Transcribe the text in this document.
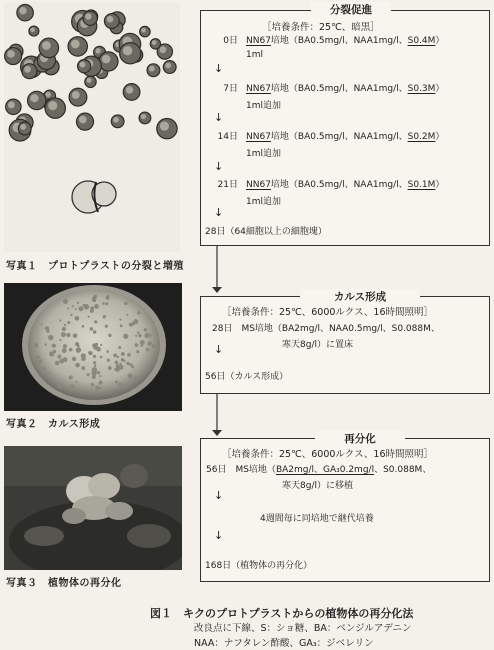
写真１　プロトプラストの分裂と増殖
写真２　カルス形成
写真３　植物体の再分化
分裂促進
［培養条件：25℃、暗黒］
0日 NN67培地（BA0.5mg/l、NAA1mg/l、S0.4M）
1ml
↓
7日 NN67培地（BA0.5mg/l、NAA1mg/l、S0.3M）
1ml追加
↓
14日 NN67培地（BA0.5mg/l、NAA1mg/l、S0.2M）
1ml追加
↓
21日 NN67培地（BA0.5mg/l、NAA1mg/l、S0.1M）
1ml追加
↓
28日（64細胞以上の細胞塊）
カルス形成
［培養条件：25℃、6000ルクス、16時間照明］
28日　MS培地（BA2mg/l、NAA0.5mg/l、S0.088M、
寒天8g/l）に置床
↓
56日（カルス形成）
再分化
［培養条件：25℃、6000ルクス、16時間照明］
56日　MS培地（BA2mg/l、GA₃0.2mg/l、S0.088M、
寒天8g/l）に移植
↓
4週間毎に同培地で継代培養
↓
168日（植物体の再分化）
図１　キクのプロトプラストからの植物体の再分化法
改良点に下線、S：ショ糖、BA：ベンジルアデニン
NAA：ナフタレン酢酸、GA₃：ジベレリン
